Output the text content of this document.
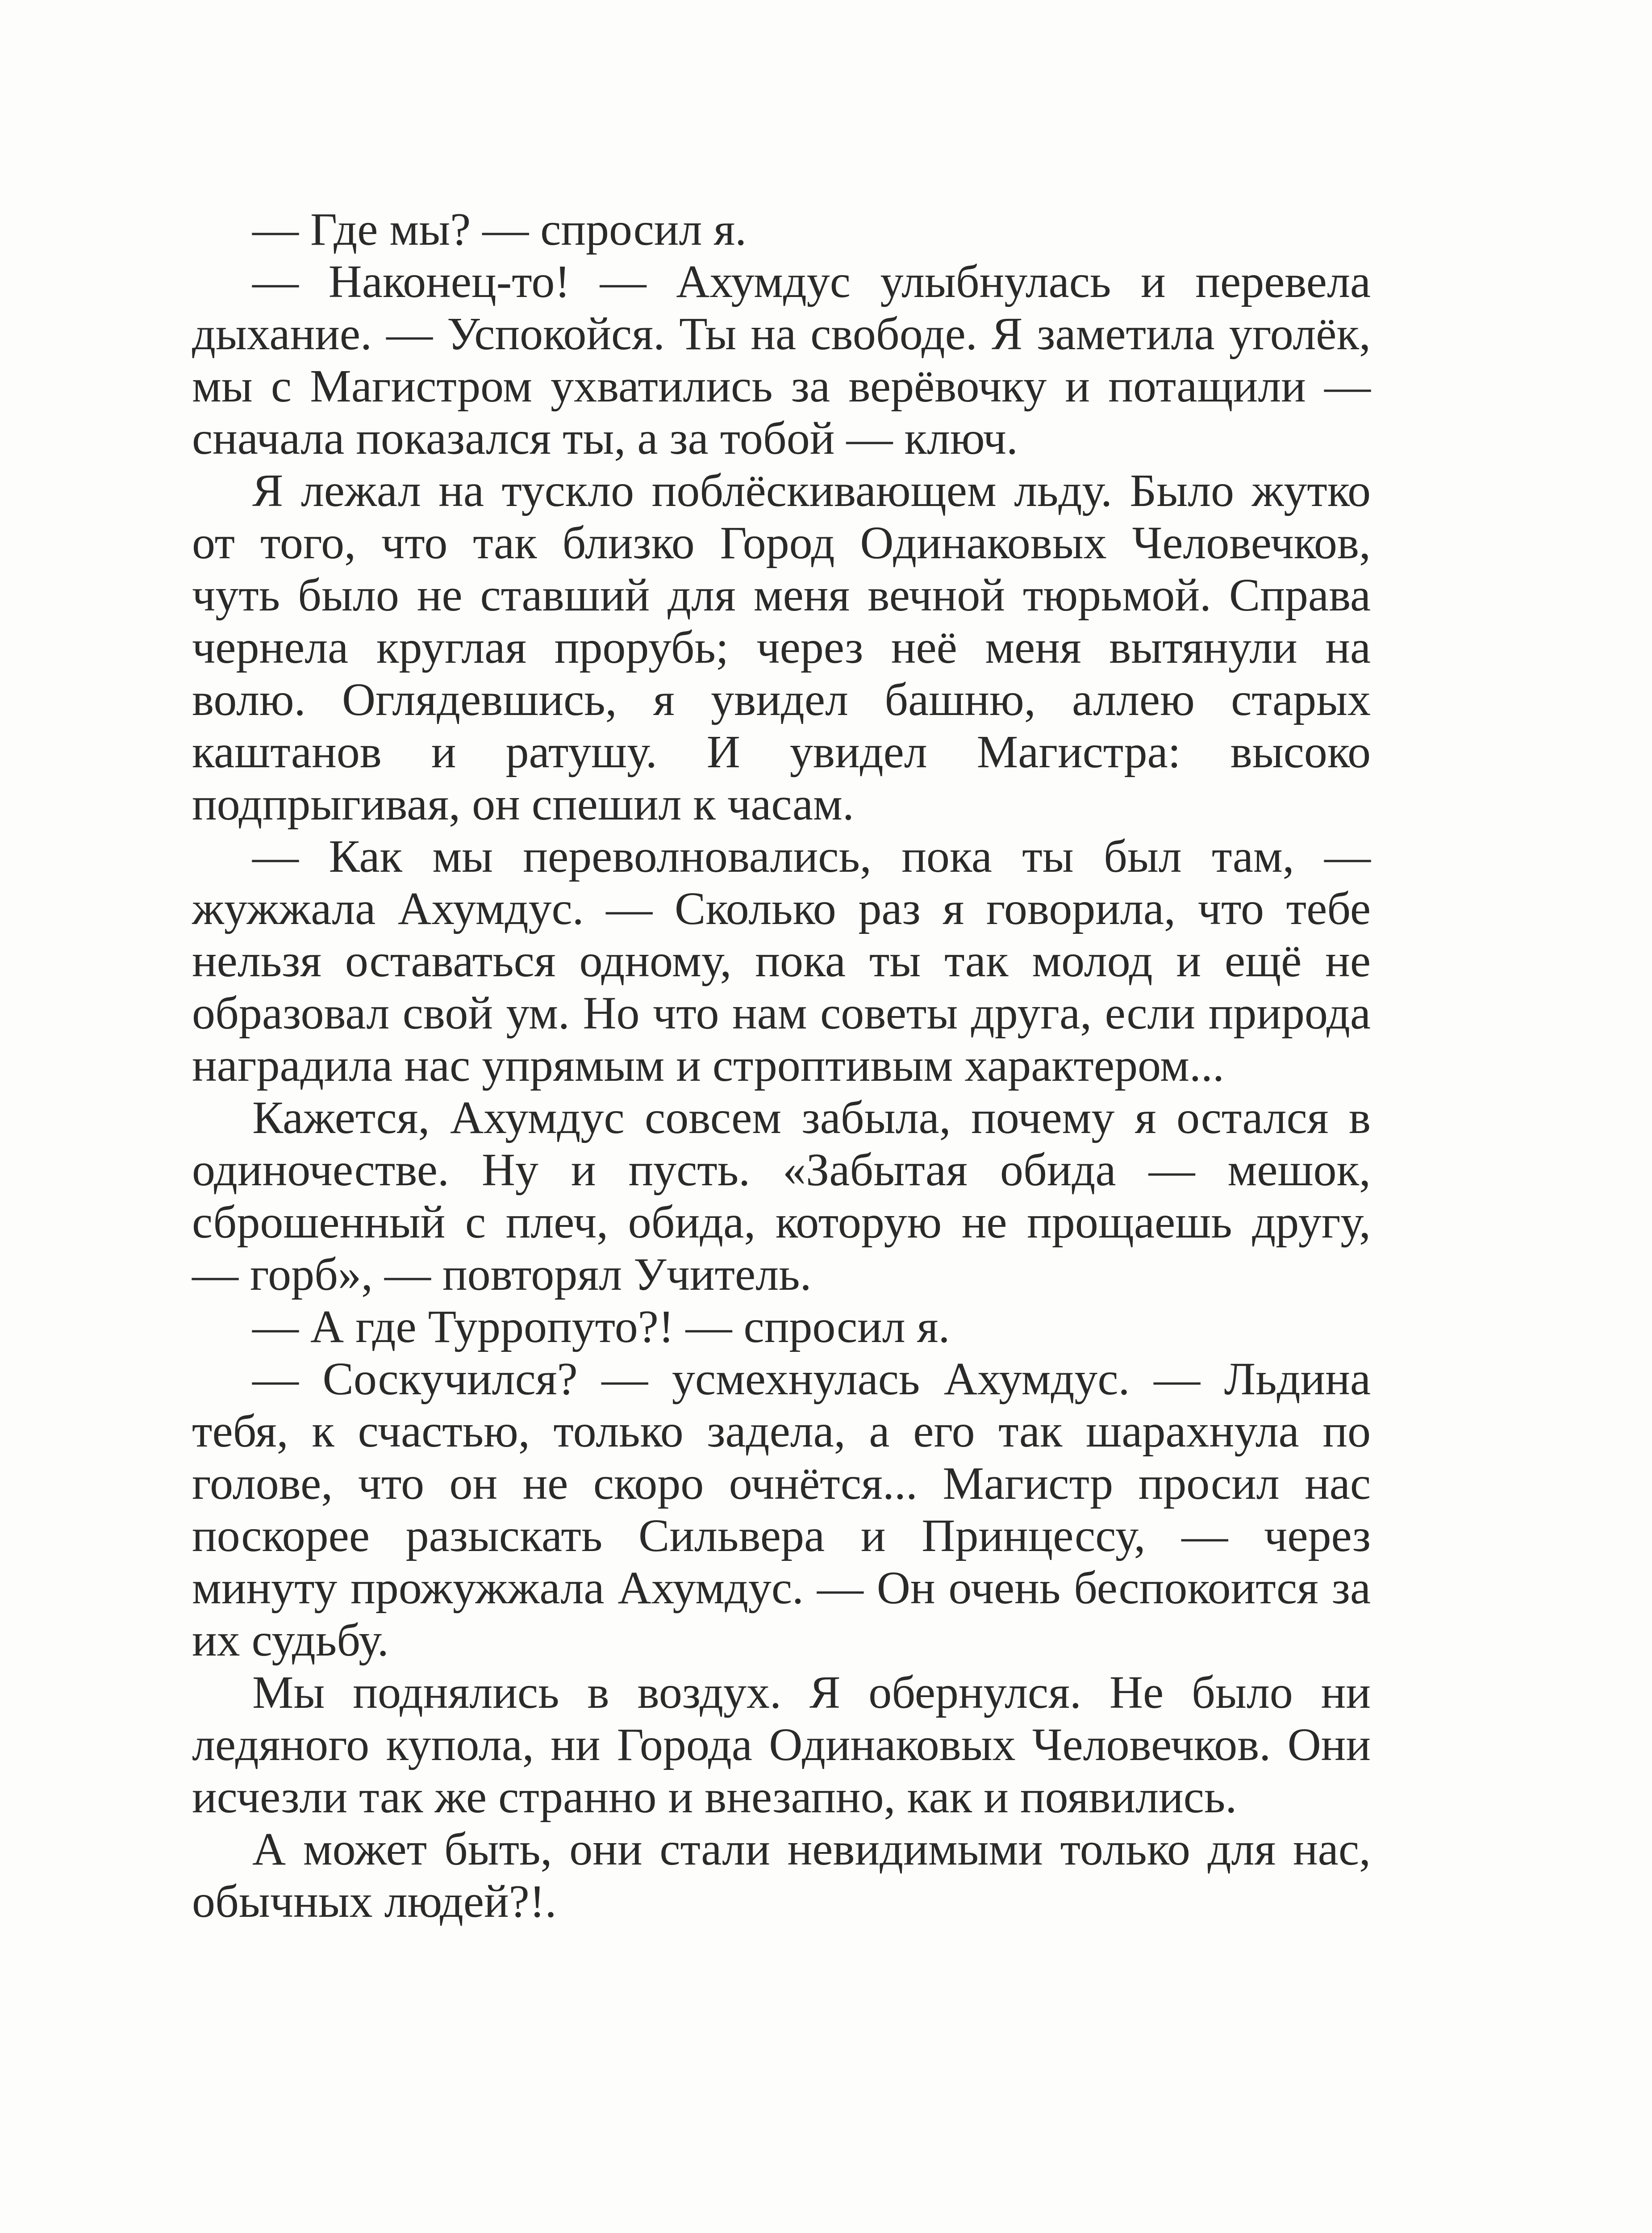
— Где мы? — спросил я.

— Наконец-то! — Ахумдус улыбнулась и перевела дыхание. — Успокойся. Ты на свободе. Я заметила уголёк, мы с Магистром ухватились за верёвочку и потащили — сначала показался ты, а за тобой — ключ.

Я лежал на тускло поблёскивающем льду. Было жутко от того, что так близко Город Одинаковых Человечков, чуть было не ставший для меня вечной тюрьмой. Справа чернела круглая прорубь; через неё меня вытянули на волю. Оглядевшись, я увидел башню, аллею старых каштанов и ратушу. И увидел Магистра: высоко подпрыгивая, он спешил к часам.

— Как мы переволновались, пока ты был там, — жужжала Ахумдус. — Сколько раз я говорила, что тебе нельзя оставаться одному, пока ты так молод и ещё не образовал свой ум. Но что нам советы друга, если природа наградила нас упрямым и строптивым характером...

Кажется, Ахумдус совсем забыла, почему я остался в одиночестве. Ну и пусть. «Забытая обида — мешок, сброшенный с плеч, обида, которую не прощаешь другу, — горб», — повторял Учитель.

— А где Турропуто?! — спросил я.

— Соскучился? — усмехнулась Ахумдус. — Льдина тебя, к счастью, только задела, а его так шарахнула по голове, что он не скоро очнётся... Магистр просил нас поскорее разыскать Сильвера и Принцессу, — через минуту прожужжала Ахумдус. — Он очень беспокоится за их судьбу.

Мы поднялись в воздух. Я обернулся. Не было ни ледяного купола, ни Города Одинаковых Человечков. Они исчезли так же странно и внезапно, как и появились.

А может быть, они стали невидимыми только для нас, обычных людей?!.
